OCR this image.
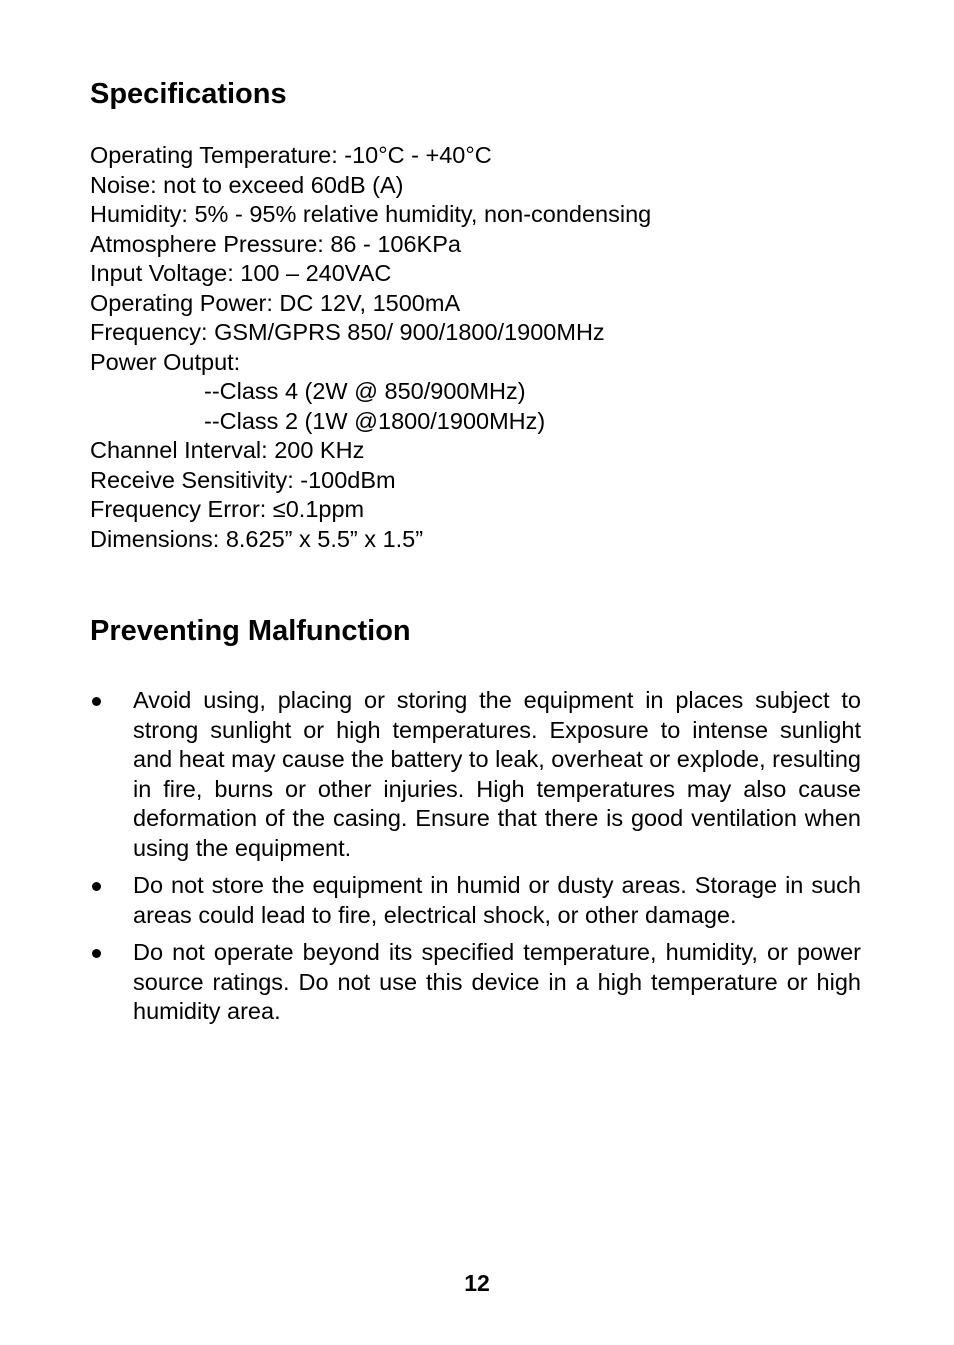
Specifications
Operating Temperature: -10°C - +40°C
Noise: not to exceed 60dB (A)
Humidity: 5% - 95% relative humidity, non-condensing
Atmosphere Pressure: 86 - 106KPa
Input Voltage: 100 – 240VAC
Operating Power: DC 12V, 1500mA
Frequency: GSM/GPRS 850/ 900/1800/1900MHz
Power Output:
--Class 4 (2W @ 850/900MHz)
--Class 2 (1W @1800/1900MHz)
Channel Interval: 200 KHz
Receive Sensitivity: -100dBm
Frequency Error: ≤0.1ppm
Dimensions: 8.625” x 5.5” x 1.5”
Preventing Malfunction
Avoid using, placing or storing the equipment in places subject to strong sunlight or high temperatures. Exposure to intense sunlight and heat may cause the battery to leak, overheat or explode, resulting in fire, burns or other injuries. High temperatures may also cause deformation of the casing. Ensure that there is good ventilation when using the equipment.
Do not store the equipment in humid or dusty areas. Storage in such areas could lead to fire, electrical shock, or other damage.
Do not operate beyond its specified temperature, humidity, or power source ratings. Do not use this device in a high temperature or high humidity area.
12
